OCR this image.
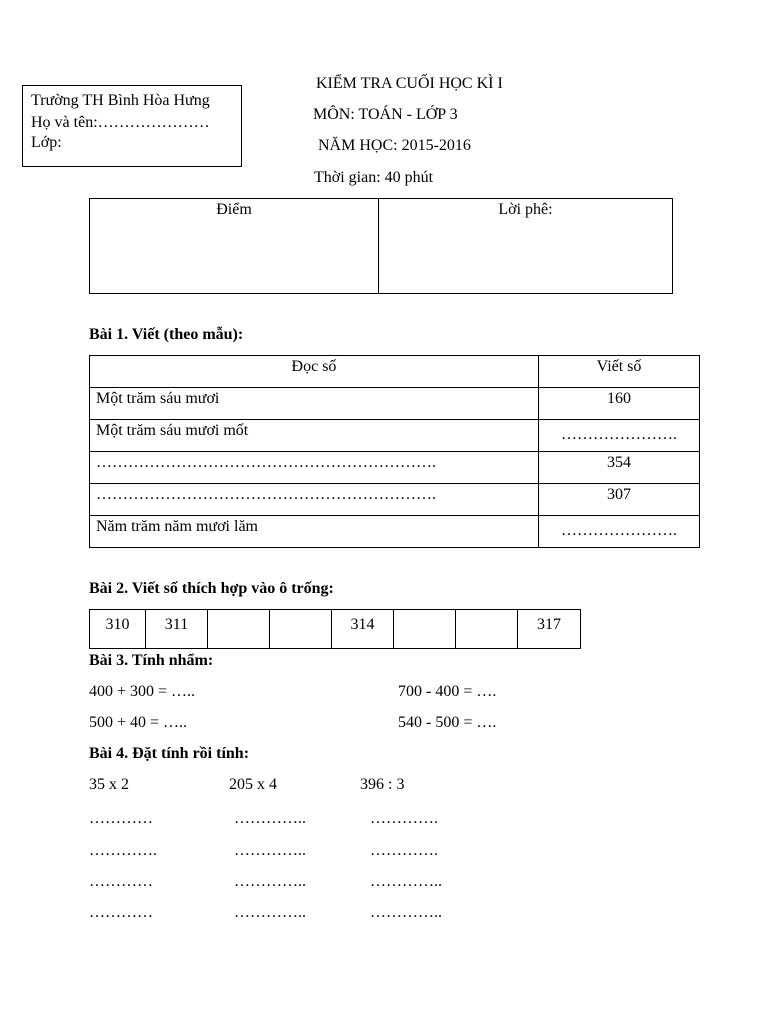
Trường TH Bình Hòa Hưng
Họ và tên:…………………
Lớp:
KIỂM TRA CUỐI HỌC KÌ I
MÔN: TOÁN - LỚP 3
NĂM HỌC: 2015-2016
Thời gian: 40 phút
Điểm	Lời phê:
Bài 1. Viết (theo mẫu):
Đọc số	Viết số
Một trăm sáu mươi	160
Một trăm sáu mươi mốt	………………….
……………………………………………………….	354
……………………………………………………….	307
Năm trăm năm mươi lăm	………………….
Bài 2. Viết số thích hợp vào ô trống:
310	311			314			317
Bài 3. Tính nhẩm:
400 + 300 = …..
500 + 40 = …..
700 - 400 = ….
540 - 500 = ….
Bài 4. Đặt tính rồi tính:
35 x 2	205 x 4	396 : 3
…………	…………..	………….
………….	…………..	………….
…………	…………..	…………..
…………	…………..	…………..
